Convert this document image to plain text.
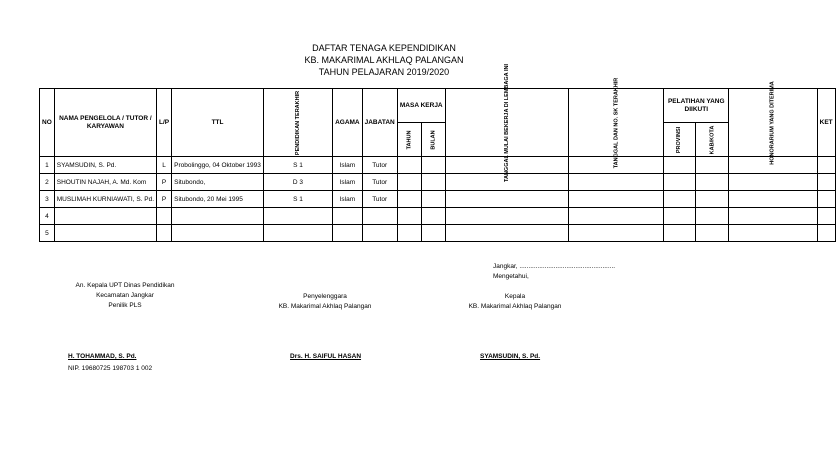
DAFTAR TENAGA KEPENDIDIKAN
KB. MAKARIMAL AKHLAQ PALANGAN
TAHUN PELAJARAN 2019/2020
NO	NAMA PENGELOLA / TUTOR / KARYAWAN	L/P	TTL	PENDIDIKAN TERAKHIR	AGAMA	JABATAN	MASA KERJA		TANGGAL MULAI BEKERJA DI LEMBAGA INI	TANGGAL DAN NO. SK TERAKHIR	PELATIHAN YANG DIIKUTI		HONORARIUM YANG DITERIMA	KET
							TAHUN	BULAN			PROVINSI	KAB/KOTA		
1	SYAMSUDIN, S. Pd.	L	Probolinggo, 04 Oktober 1993	S 1	Islam	Tutor								
2	SHOUTIN NAJAH, A. Md. Kom	P	Situbondo,	D 3	Islam	Tutor								
3	MUSLIMAH KURNIAWATI, S. Pd.	P	Situbondo, 20 Mei 1995	S 1	Islam	Tutor								
4														
5														
Jangkar, .....................................................
Mengetahui,
An. Kepala UPT Dinas Pendidikan
Kecamatan Jangkar
Penilik PLS
Penyelenggara
KB. Makarimal Akhlaq Palangan
Kepala
KB. Makarimal Akhlaq Palangan
H. TOHAMMAD, S. Pd.
NIP. 19680725 198703 1 002
Drs. H. SAIFUL HASAN	SYAMSUDIN, S. Pd.
